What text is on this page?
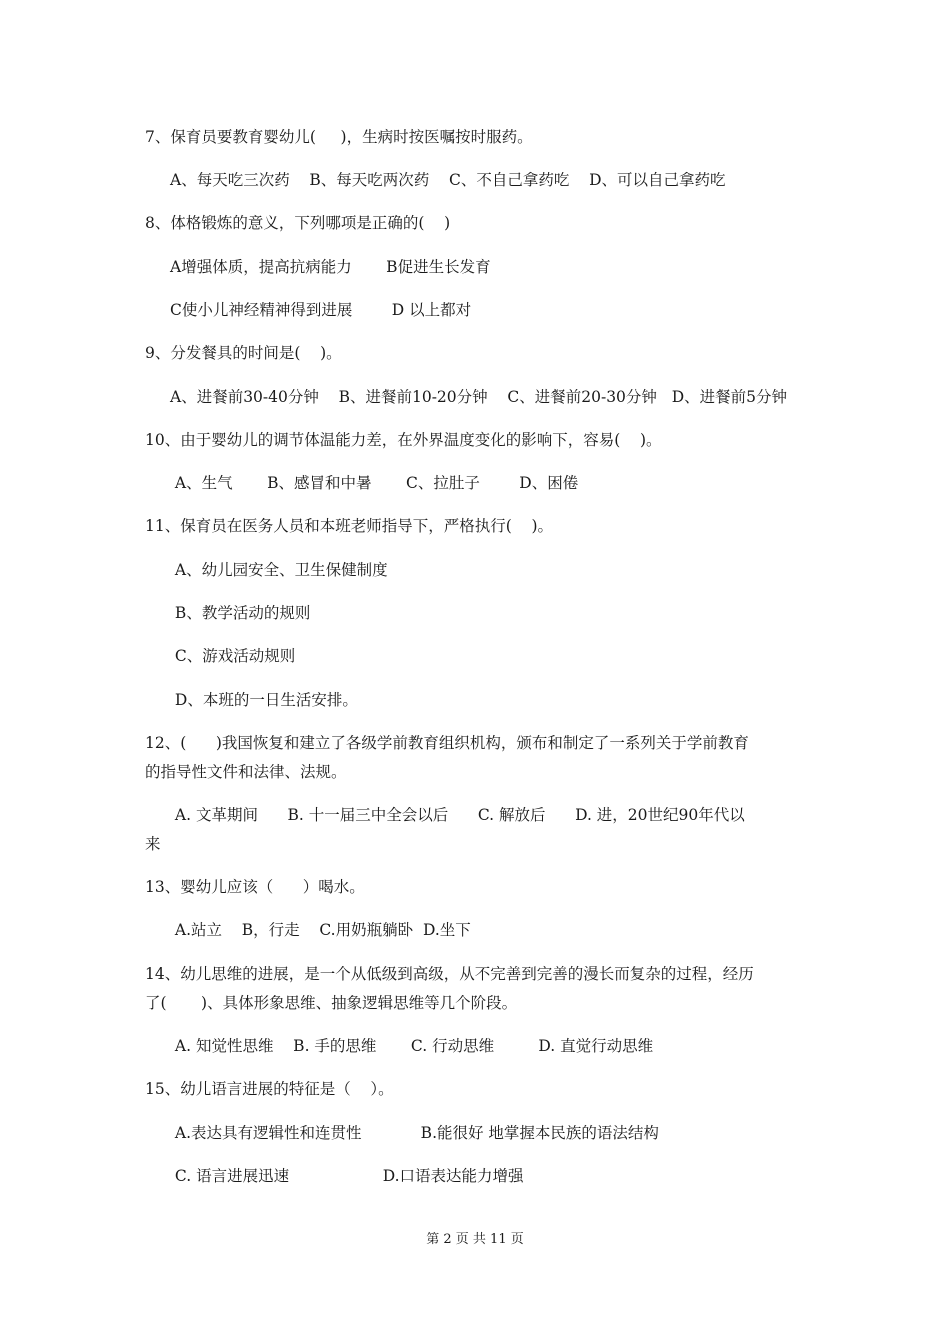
7、保育员要教育婴幼儿(     )，生病时按医嘱按时服药。
A、每天吃三次药    B、每天吃两次药    C、不自己拿药吃    D、可以自己拿药吃
8、体格锻炼的意义，下列哪项是正确的(    )
A增强体质，提高抗病能力       B促进生长发育
C使小儿神经精神得到进展        D 以上都对
9、分发餐具的时间是(    )。
A、进餐前30-40分钟    B、进餐前10-20分钟    C、进餐前20-30分钟   D、进餐前5分钟
10、由于婴幼儿的调节体温能力差，在外界温度变化的影响下，容易(    )。
A、生气       B、感冒和中暑       C、拉肚子        D、困倦
11、保育员在医务人员和本班老师指导下，严格执行(    )。
A、幼儿园安全、卫生保健制度
B、教学活动的规则
C、游戏活动规则
D、本班的一日生活安排。
12、(      )我国恢复和建立了各级学前教育组织机构，颁布和制定了一系列关于学前教育
的指导性文件和法律、法规。
A. 文革期间      B. 十一届三中全会以后      C. 解放后      D. 进，20世纪90年代以
来
13、婴幼儿应该（      ）喝水。
A.站立    B，行走    C.用奶瓶躺卧  D.坐下
14、幼儿思维的进展，是一个从低级到高级，从不完善到完善的漫长而复杂的过程，经历
了(       )、具体形象思维、抽象逻辑思维等几个阶段。
A. 知觉性思维    B. 手的思维       C. 行动思维         D. 直觉行动思维
15、幼儿语言进展的特征是（    ）。
A.表达具有逻辑性和连贯性            B.能很好 地掌握本民族的语法结构
C. 语言进展迅速                   D.口语表达能力增强
第 2 页 共 11 页
